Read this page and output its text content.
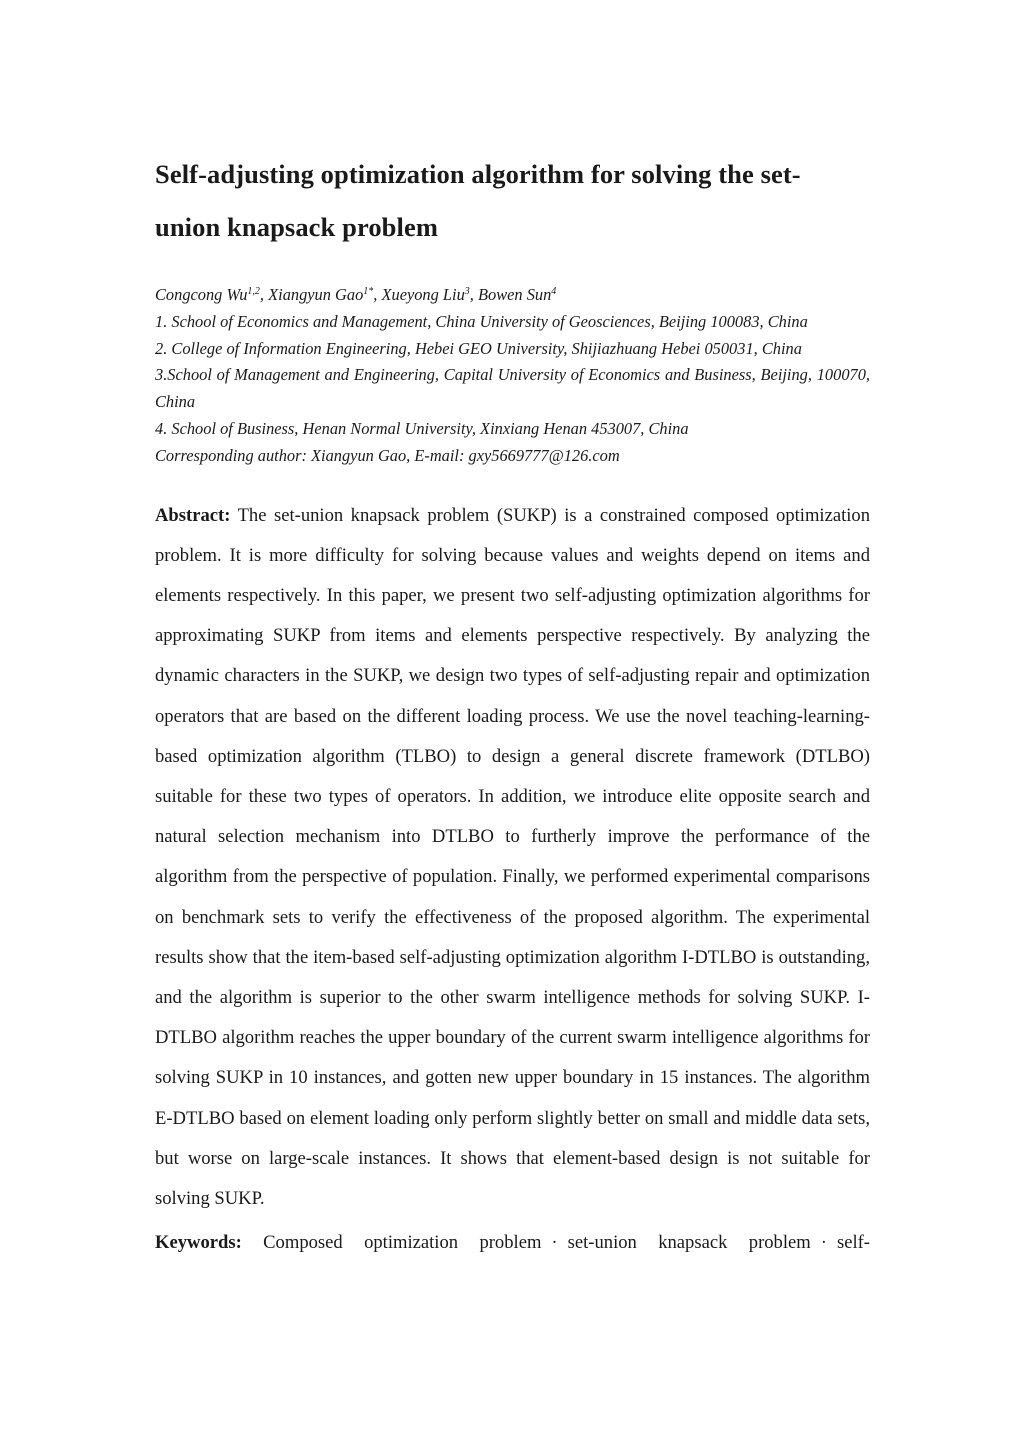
Self-adjusting optimization algorithm for solving the set-
union knapsack problem
Congcong Wu$^{1,2}$, Xiangyun Gao$^{1*}$, Xueyong Liu$^3$, Bowen Sun$^4$
1. School of Economics and Management, China University of Geosciences, Beijing 100083, China
2. College of Information Engineering, Hebei GEO University, Shijiazhuang Hebei 050031, China
3.School of Management and Engineering, Capital University of Economics and Business, Beijing, 100070, China
4. School of Business, Henan Normal University, Xinxiang Henan 453007, China
Corresponding author: Xiangyun Gao, E-mail: gxy5669777@126.com
Abstract: The set-union knapsack problem (SUKP) is a constrained composed optimization problem. It is more difficulty for solving because values and weights depend on items and elements respectively. In this paper, we present two self-adjusting optimization algorithms for approximating SUKP from items and elements perspective respectively. By analyzing the dynamic characters in the SUKP, we design two types of self-adjusting repair and optimization operators that are based on the different loading process. We use the novel teaching-learning-based optimization algorithm (TLBO) to design a general discrete framework (DTLBO) suitable for these two types of operators. In addition, we introduce elite opposite search and natural selection mechanism into DTLBO to furtherly improve the performance of the algorithm from the perspective of population. Finally, we performed experimental comparisons on benchmark sets to verify the effectiveness of the proposed algorithm. The experimental results show that the item-based self-adjusting optimization algorithm I-DTLBO is outstanding, and the algorithm is superior to the other swarm intelligence methods for solving SUKP. I-DTLBO algorithm reaches the upper boundary of the current swarm intelligence algorithms for solving SUKP in 10 instances, and gotten new upper boundary in 15 instances. The algorithm E-DTLBO based on element loading only perform slightly better on small and middle data sets, but worse on large-scale instances. It shows that element-based design is not suitable for solving SUKP.
Keywords: Composed optimization problem · set-union knapsack problem · self-
